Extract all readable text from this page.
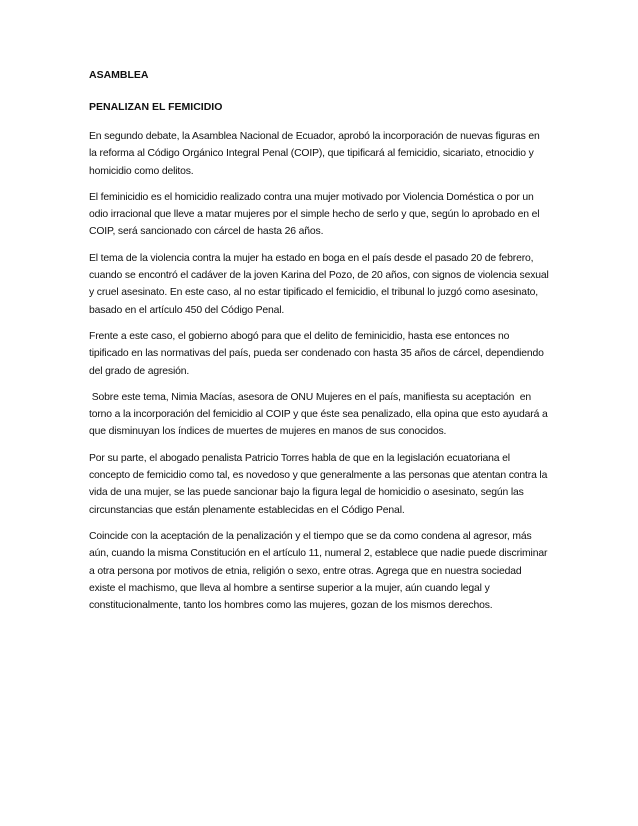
ASAMBLEA
PENALIZAN EL FEMICIDIO

En segundo debate, la Asamblea Nacional de Ecuador, aprobó la incorporación de nuevas figuras en la reforma al Código Orgánico Integral Penal (COIP), que tipificará al femicidio, sicariato, etnocidio y homicidio como delitos.

El feminicidio es el homicidio realizado contra una mujer motivado por Violencia Doméstica o por un odio irracional que lleve a matar mujeres por el simple hecho de serlo y que, según lo aprobado en el COIP, será sancionado con cárcel de hasta 26 años.

El tema de la violencia contra la mujer ha estado en boga en el país desde el pasado 20 de febrero, cuando se encontró el cadáver de la joven Karina del Pozo, de 20 años, con signos de violencia sexual y cruel asesinato. En este caso, al no estar tipificado el femicidio, el tribunal lo juzgó como asesinato, basado en el artículo 450 del Código Penal.

Frente a este caso, el gobierno abogó para que el delito de feminicidio, hasta ese entonces no tipificado en las normativas del país, pueda ser condenado con hasta 35 años de cárcel, dependiendo del grado de agresión.

Sobre este tema, Nimia Macías, asesora de ONU Mujeres en el país, manifiesta su aceptación  en torno a la incorporación del femicidio al COIP y que éste sea penalizado, ella opina que esto ayudará a que disminuyan los índices de muertes de mujeres en manos de sus conocidos.

Por su parte, el abogado penalista Patricio Torres habla de que en la legislación ecuatoriana el concepto de femicidio como tal, es novedoso y que generalmente a las personas que atentan contra la vida de una mujer, se las puede sancionar bajo la figura legal de homicidio o asesinato, según las circunstancias que están plenamente establecidas en el Código Penal.

Coincide con la aceptación de la penalización y el tiempo que se da como condena al agresor, más aún, cuando la misma Constitución en el artículo 11, numeral 2, establece que nadie puede discriminar a otra persona por motivos de etnia, religión o sexo, entre otras. Agrega que en nuestra sociedad existe el machismo, que lleva al hombre a sentirse superior a la mujer, aún cuando legal y constitucionalmente, tanto los hombres como las mujeres, gozan de los mismos derechos.
